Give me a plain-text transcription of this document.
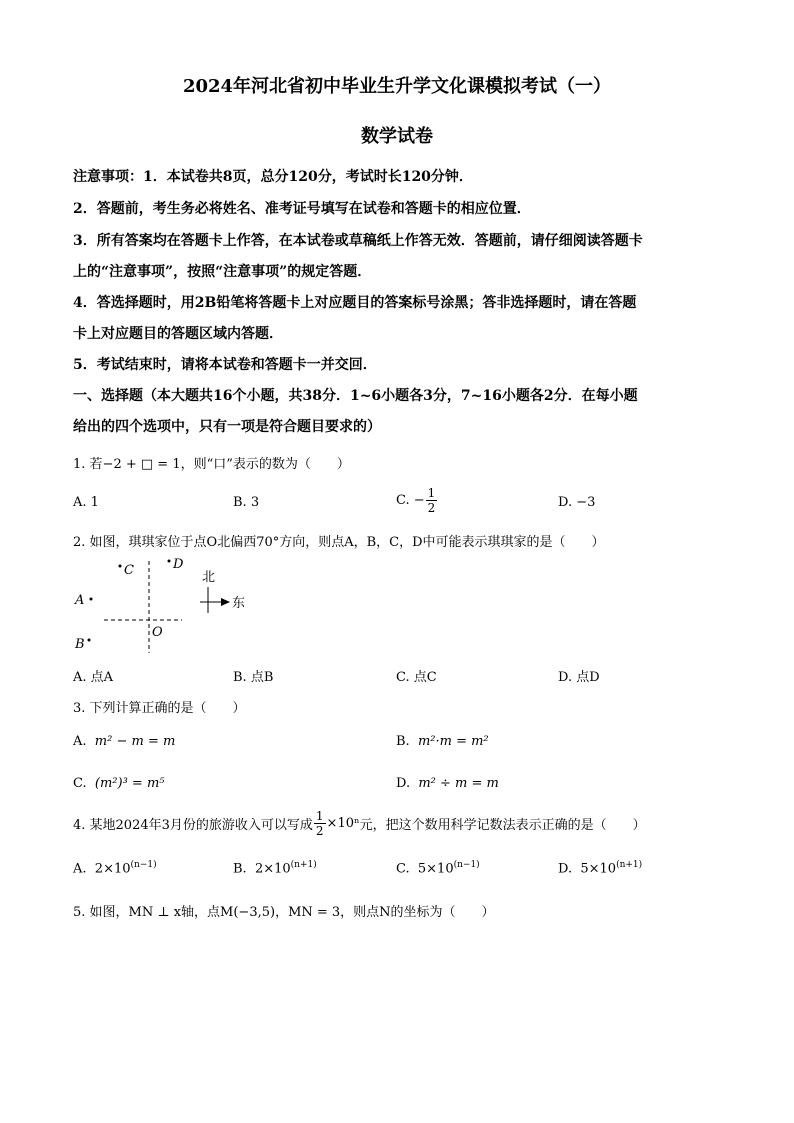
2024年河北省初中毕业生升学文化课模拟考试（一）
数学试卷
注意事项：1．本试卷共8页，总分120分，考试时长120分钟．
2．答题前，考生务必将姓名、准考证号填写在试卷和答题卡的相应位置．
3．所有答案均在答题卡上作答，在本试卷或草稿纸上作答无效．答题前，请仔细阅读答题卡
上的“注意事项”，按照“注意事项”的规定答题．
4．答选择题时，用2B铅笔将答题卡上对应题目的答案标号涂黑；答非选择题时，请在答题
卡上对应题目的答题区域内答题．
5．考试结束时，请将本试卷和答题卡一并交回．
一、选择题（本大题共16个小题，共38分．1~6小题各3分，7~16小题各2分．在每小题
给出的四个选项中，只有一项是符合题目要求的）
1. 若−2 + □ = 1，则“口”表示的数为（　　）
A. 1	B. 3	C. − $\frac{1}{2}$	D. −3
2. 如图，琪琪家位于点O北偏西70°方向，则点A，B，C，D中可能表示琪琪家的是（　　）
C	D
A
B
O
北
东
A. 点A	B. 点B	C. 点C	D. 点D
3. 下列计算正确的是（　　）
A. m² − m = m	B. m²·m = m²
C. (m²)³ = m⁵	D. m² ÷ m = m
4. 某地2024年3月份的旅游收入可以写成 $\frac{1}{2} \times 10^n$元，把这个数用科学记数法表示正确的是（　　）
A. $2\times 10^{(n-1)}$	B. $2\times 10^{(n+1)}$	C. $5\times 10^{(n-1)}$	D. $5\times 10^{(n+1)}$
5. 如图，MN ⊥ x轴，点M(−3,5)，MN = 3，则点N的坐标为（　　）
